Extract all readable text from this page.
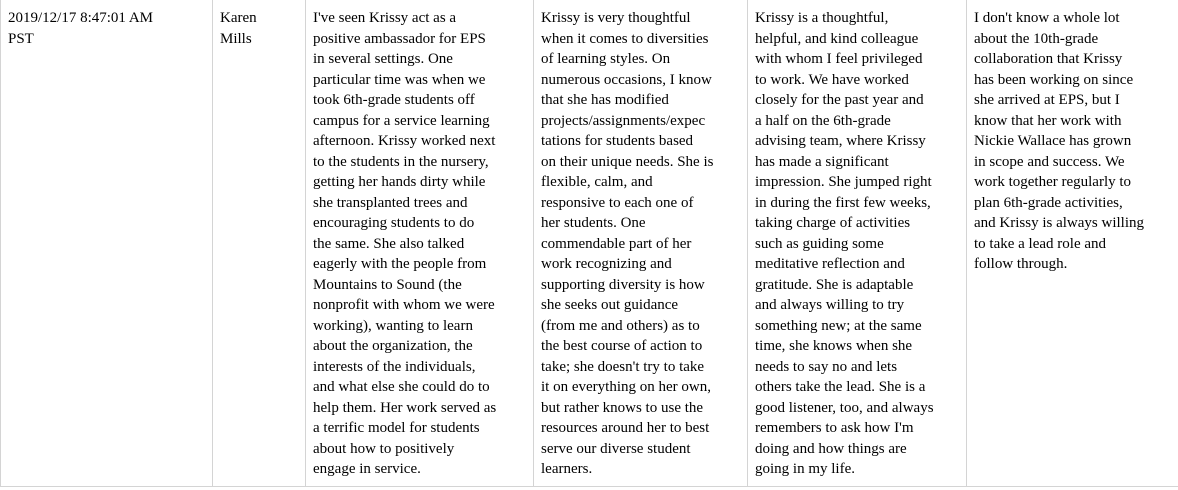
2019/12/17 8:47:01 AM
PST
Karen
Mills
I've seen Krissy act as a
positive ambassador for EPS
in several settings. One
particular time was when we
took 6th-grade students off
campus for a service learning
afternoon. Krissy worked next
to the students in the nursery,
getting her hands dirty while
she transplanted trees and
encouraging students to do
the same. She also talked
eagerly with the people from
Mountains to Sound (the
nonprofit with whom we were
working), wanting to learn
about the organization, the
interests of the individuals,
and what else she could do to
help them. Her work served as
a terrific model for students
about how to positively
engage in service.
Krissy is very thoughtful
when it comes to diversities
of learning styles. On
numerous occasions, I know
that she has modified
projects/assignments/expec
tations for students based
on their unique needs. She is
flexible, calm, and
responsive to each one of
her students. One
commendable part of her
work recognizing and
supporting diversity is how
she seeks out guidance
(from me and others) as to
the best course of action to
take; she doesn't try to take
it on everything on her own,
but rather knows to use the
resources around her to best
serve our diverse student
learners.
Krissy is a thoughtful,
helpful, and kind colleague
with whom I feel privileged
to work. We have worked
closely for the past year and
a half on the 6th-grade
advising team, where Krissy
has made a significant
impression. She jumped right
in during the first few weeks,
taking charge of activities
such as guiding some
meditative reflection and
gratitude. She is adaptable
and always willing to try
something new; at the same
time, she knows when she
needs to say no and lets
others take the lead. She is a
good listener, too, and always
remembers to ask how I'm
doing and how things are
going in my life.
I don't know a whole lot
about the 10th-grade
collaboration that Krissy
has been working on since
she arrived at EPS, but I
know that her work with
Nickie Wallace has grown
in scope and success. We
work together regularly to
plan 6th-grade activities,
and Krissy is always willing
to take a lead role and
follow through.
